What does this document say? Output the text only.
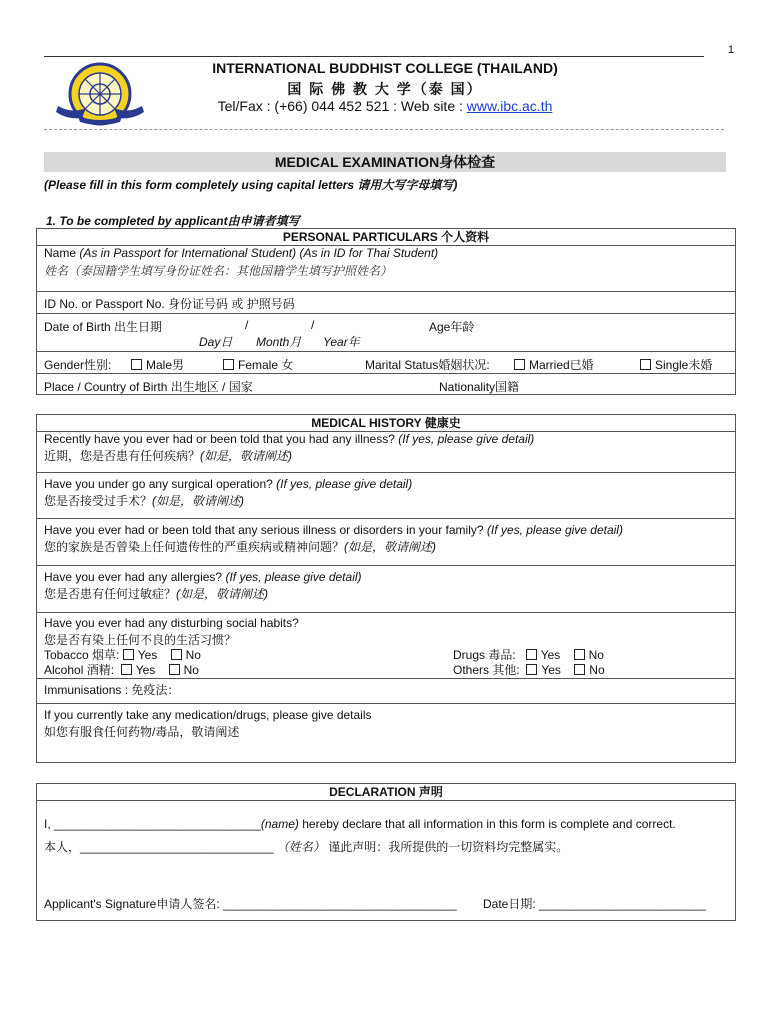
1
INTERNATIONAL BUDDHIST COLLEGE (THAILAND)
国 际 佛 教 大 学（泰 国）
Tel/Fax : (+66) 044 452 521 : Web site : www.ibc.ac.th
MEDICAL EXAMINATION身体检查
(Please fill in this form completely using capital letters 请用大写字母填写)
1. To be completed by applicant由申请者填写
PERSONAL PARTICULARS 个人资料
Name (As in Passport for International Student) (As in ID for Thai Student)
姓名（泰国籍学生填写身份证姓名：其他国籍学生填写护照姓名）
ID No. or Passport No. 身份证号码 或 护照号码
Date of Birth 出生日期	/	/	Age年龄
Day日 Month月 Year年
Gender性别:	Male男	Female 女	Marital Status婚姻状况:	Married已婚	Single未婚
Place / Country of Birth 出生地区 / 国家	Nationality国籍
MEDICAL HISTORY 健康史
Recently have you ever had or been told that you had any illness? (If yes, please give detail)
近期，您是否患有任何疾病？(如是，敬请阐述)
Have you under go any surgical operation? (If yes, please give detail)
您是否接受过手术？(如是，敬请阐述)
Have you ever had or been told that any serious illness or disorders in your family? (If yes, please give detail)
您的家族是否曾染上任何遗传性的严重疾病或精神问题？(如是，敬请阐述)
Have you ever had any allergies? (If yes, please give detail)
您是否患有任何过敏症？(如是，敬请阐述)
Have you ever had any disturbing social habits?
您是否有染上任何不良的生活习惯？
Tobacco 烟草: Yes No
Alcohol 酒精: Yes No
Drugs 毒品: Yes No
Others 其他: Yes No
Immunisations : 免疫法：
If you currently take any medication/drugs, please give details
如您有服食任何药物/毒品，敬请阐述
DECLARATION 声明
I, _______________________________(name) hereby declare that all information in this form is complete and correct.
本人，_____________________________ （姓名） 谨此声明：我所提供的一切资料均完整属实。
Applicant's Signature申请人签名: ___________________________________ Date日期: _________________________
